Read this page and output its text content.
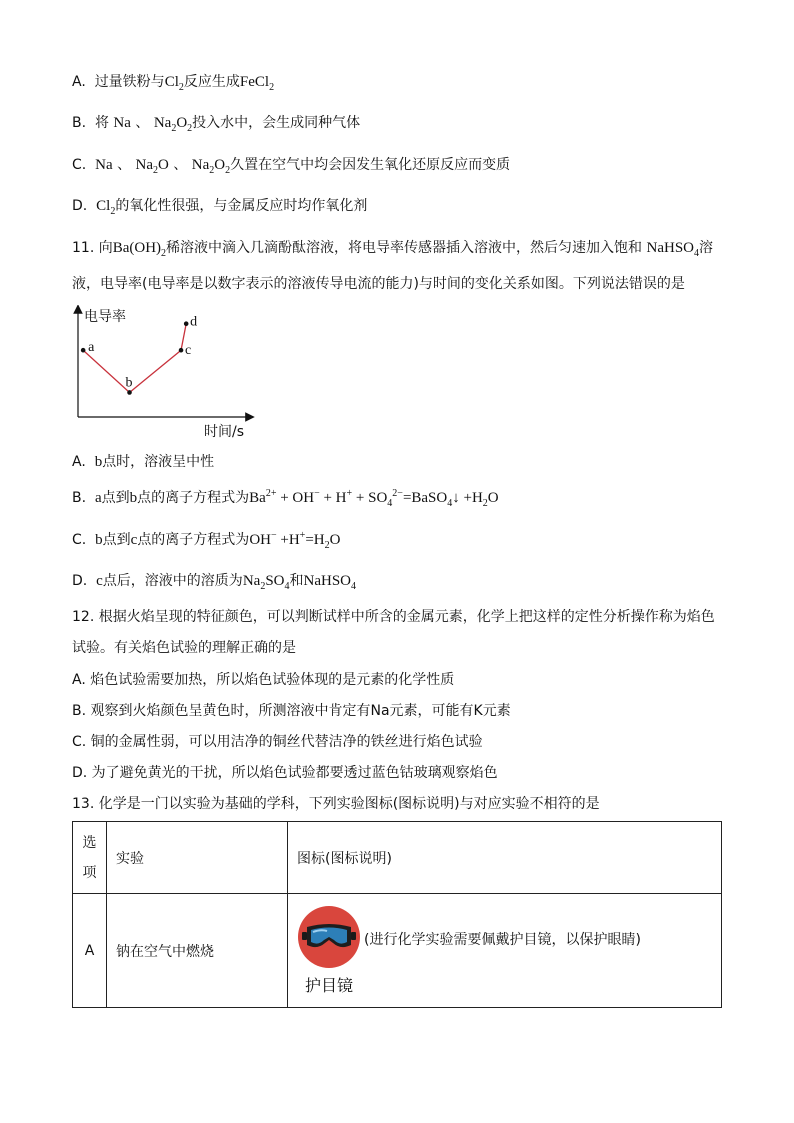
A. 过量铁粉与$Cl_2$反应生成FeCl$_2$
B. 将 Na 、 $Na_2O_2$投入水中，会生成同种气体
C. Na 、 $Na_2O$ 、 $Na_2O_2$久置在空气中均会因发生氧化还原反应而变质
D. $Cl_2$的氧化性很强，与金属反应时均作氧化剂
11. 向$Ba(OH)_2$稀溶液中滴入几滴酚酞溶液，将电导率传感器插入溶液中，然后匀速加入饱和 NaHSO$_4$溶
液，电导率(电导率是以数字表示的溶液传导电流的能力)与时间的变化关系如图。下列说法错误的是
电导率
时间/s
a
b
c
d
A. b点时，溶液呈中性
B. a点到b点的离子方程式为$Ba^{2+} + OH^- + H^+$ + $SO_4^{2-}=BaSO_4↓ +H_2O$
C. b点到c点的离子方程式为$OH^- +H^+=H_2O$
D. c点后，溶液中的溶质为$Na_2SO_4$和NaHSO$_4$
12. 根据火焰呈现的特征颜色，可以判断试样中所含的金属元素，化学上把这样的定性分析操作称为焰色
试验。有关焰色试验的理解正确的是
A. 焰色试验需要加热，所以焰色试验体现的是元素的化学性质
B. 观察到火焰颜色呈黄色时，所测溶液中肯定有Na元素，可能有K元素
C. 铜的金属性弱，可以用洁净的铜丝代替洁净的铁丝进行焰色试验
D. 为了避免黄光的干扰，所以焰色试验都要透过蓝色钴玻璃观察焰色
13. 化学是一门以实验为基础的学科，下列实验图标(图标说明)与对应实验不相符的是
选
项	实验	图标(图标说明)
A	钠在空气中燃烧	护目镜
(进行化学实验需要佩戴护目镜，以保护眼睛)
